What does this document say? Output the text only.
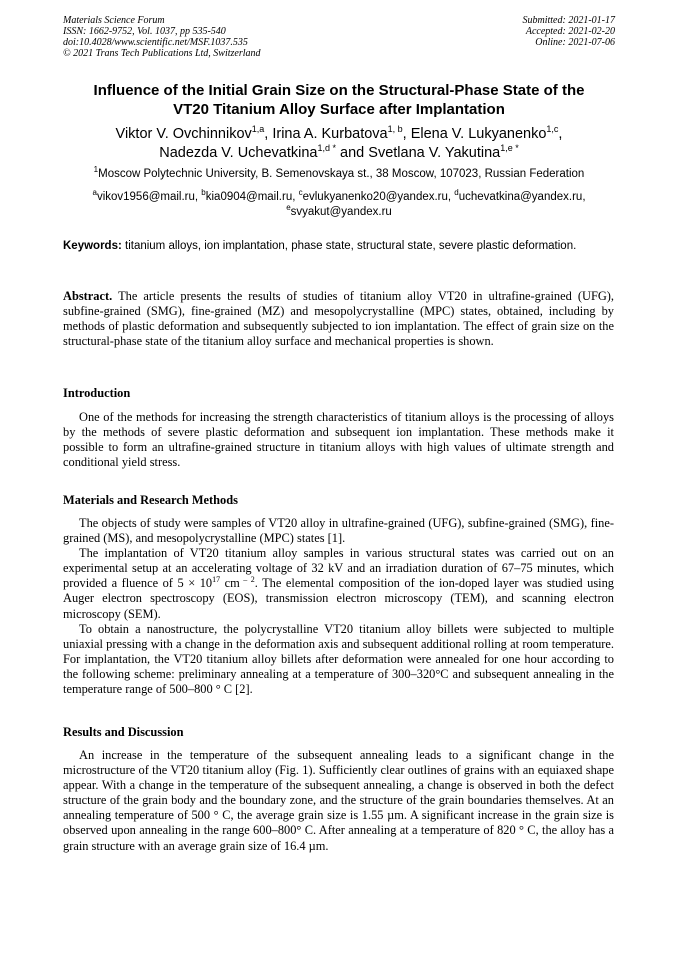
Materials Science Forum
ISSN: 1662-9752, Vol. 1037, pp 535-540
doi:10.4028/www.scientific.net/MSF.1037.535
© 2021 Trans Tech Publications Ltd, Switzerland
Submitted: 2021-01-17
Accepted: 2021-02-20
Online: 2021-07-06
Influence of the Initial Grain Size on the Structural-Phase State of the
VT20 Titanium Alloy Surface after Implantation
Viktor V. Ovchinnikov$^{1,a}$, Irina A. Kurbatova$^{1, b}$, Elena V. Lukyanenko$^{1,c}$,
Nadezda V. Uchevatkina$^{1,d *}$ and Svetlana V. Yakutina$^{1,e *}$
$^1$Moscow Polytechnic University, B. Semenovskaya st., 38 Moscow, 107023, Russian Federation
$^a$vikov1956@mail.ru, $^b$kia0904@mail.ru, $^c$evlukyanenko20@yandex.ru, $^d$uchevatkina@yandex.ru,
$^e$svyakut@yandex.ru
Keywords: titanium alloys, ion implantation, phase state, structural state, severe plastic deformation.

Abstract. The article presents the results of studies of titanium alloy VT20 in ultrafine-grained (UFG), subfine-grained (SMG), fine-grained (MZ) and mesopolycrystalline (MPC) states, obtained, including by methods of plastic deformation and subsequently subjected to ion implantation. The effect of grain size on the structural-phase state of the titanium alloy surface and mechanical properties is shown.

Introduction

One of the methods for increasing the strength characteristics of titanium alloys is the processing of alloys by the methods of severe plastic deformation and subsequent ion implantation. These methods make it possible to form an ultrafine-grained structure in titanium alloys with high values of ultimate strength and conditional yield stress.

Materials and Research Methods

The objects of study were samples of VT20 alloy in ultrafine-grained (UFG), subfine-grained (SMG), fine-grained (MS), and mesopolycrystalline (MPC) states [1].

The implantation of VT20 titanium alloy samples in various structural states was carried out on an experimental setup at an accelerating voltage of 32 kV and an irradiation duration of 67–75 minutes, which provided a fluence of $5 \times 10^{17}$ cm $^{- 2}$. The elemental composition of the ion-doped layer was studied using Auger electron spectroscopy (EOS), transmission electron microscopy (TEM), and scanning electron microscopy (SEM).

To obtain a nanostructure, the polycrystalline VT20 titanium alloy billets were subjected to multiple uniaxial pressing with a change in the deformation axis and subsequent additional rolling at room temperature. For implantation, the VT20 titanium alloy billets after deformation were annealed for one hour according to the following scheme: preliminary annealing at a temperature of 300–320°C and subsequent annealing in the temperature range of 500–800 ° C [2].

Results and Discussion

An increase in the temperature of the subsequent annealing leads to a significant change in the microstructure of the VT20 titanium alloy (Fig. 1). Sufficiently clear outlines of grains with an equiaxed shape appear. With a change in the temperature of the subsequent annealing, a change is observed in both the defect structure of the grain body and the boundary zone, and the structure of the grain boundaries themselves. At an annealing temperature of 500 ° C, the average grain size is 1.55 µm. A significant increase in the grain size is observed upon annealing in the range 600–800° C. After annealing at a temperature of 820 ° C, the alloy has a grain structure with an average grain size of 16.4 µm.
